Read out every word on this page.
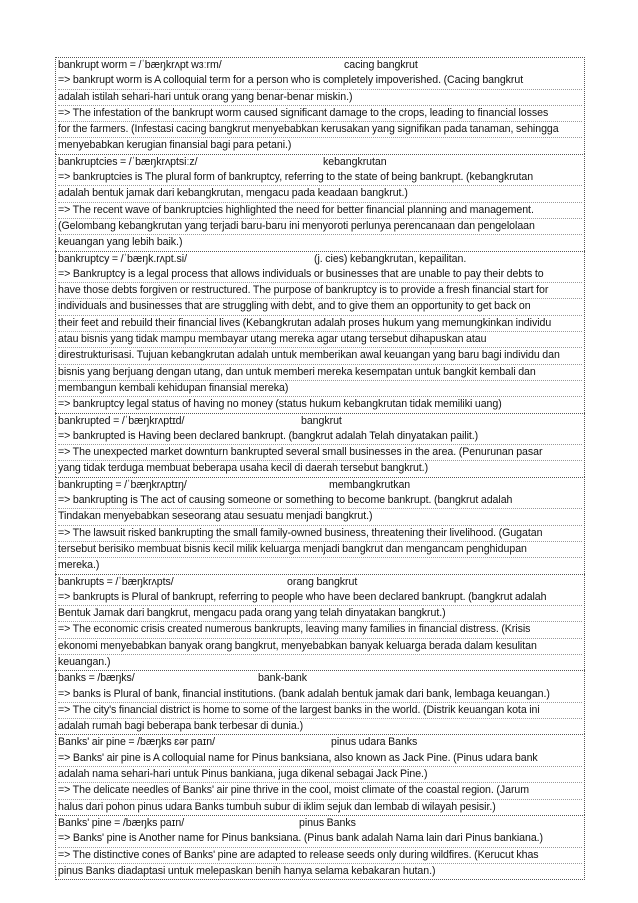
bankrupt worm = /ˈbæŋkrʌpt wɜːrm/	cacing bangkrut
=> bankrupt worm is A colloquial term for a person who is completely impoverished. (Cacing bangkrut
adalah istilah sehari-hari untuk orang yang benar-benar miskin.)
=> The infestation of the bankrupt worm caused significant damage to the crops, leading to financial losses
for the farmers. (Infestasi cacing bangkrut menyebabkan kerusakan yang signifikan pada tanaman, sehingga
menyebabkan kerugian finansial bagi para petani.)
bankruptcies = /ˈbæŋkrʌptsiːz/	kebangkrutan
=> bankruptcies is The plural form of bankruptcy, referring to the state of being bankrupt. (kebangkrutan
adalah bentuk jamak dari kebangkrutan, mengacu pada keadaan bangkrut.)
=> The recent wave of bankruptcies highlighted the need for better financial planning and management.
(Gelombang kebangkrutan yang terjadi baru-baru ini menyoroti perlunya perencanaan dan pengelolaan
keuangan yang lebih baik.)
bankruptcy = /ˈbæŋk.rʌpt.si/	(j. cies) kebangkrutan, kepailitan.
=> Bankruptcy is a legal process that allows individuals or businesses that are unable to pay their debts to
have those debts forgiven or restructured. The purpose of bankruptcy is to provide a fresh financial start for
individuals and businesses that are struggling with debt, and to give them an opportunity to get back on
their feet and rebuild their financial lives (Kebangkrutan adalah proses hukum yang memungkinkan individu
atau bisnis yang tidak mampu membayar utang mereka agar utang tersebut dihapuskan atau
direstrukturisasi. Tujuan kebangkrutan adalah untuk memberikan awal keuangan yang baru bagi individu dan
bisnis yang berjuang dengan utang, dan untuk memberi mereka kesempatan untuk bangkit kembali dan
membangun kembali kehidupan finansial mereka)
=> bankruptcy legal status of having no money (status hukum kebangkrutan tidak memiliki uang)
bankrupted = /ˈbæŋkrʌptɪd/	bangkrut
=> bankrupted is Having been declared bankrupt. (bangkrut adalah Telah dinyatakan pailit.)
=> The unexpected market downturn bankrupted several small businesses in the area. (Penurunan pasar
yang tidak terduga membuat beberapa usaha kecil di daerah tersebut bangkrut.)
bankrupting = /ˈbæŋkrʌptɪŋ/	membangkrutkan
=> bankrupting is The act of causing someone or something to become bankrupt. (bangkrut adalah
Tindakan menyebabkan seseorang atau sesuatu menjadi bangkrut.)
=> The lawsuit risked bankrupting the small family-owned business, threatening their livelihood. (Gugatan
tersebut berisiko membuat bisnis kecil milik keluarga menjadi bangkrut dan mengancam penghidupan
mereka.)
bankrupts = /ˈbæŋkrʌpts/	orang bangkrut
=> bankrupts is Plural of bankrupt, referring to people who have been declared bankrupt. (bangkrut adalah
Bentuk Jamak dari bangkrut, mengacu pada orang yang telah dinyatakan bangkrut.)
=> The economic crisis created numerous bankrupts, leaving many families in financial distress. (Krisis
ekonomi menyebabkan banyak orang bangkrut, menyebabkan banyak keluarga berada dalam kesulitan
keuangan.)
banks = /bæŋks/	bank-bank
=> banks is Plural of bank, financial institutions. (bank adalah bentuk jamak dari bank, lembaga keuangan.)
=> The city's financial district is home to some of the largest banks in the world. (Distrik keuangan kota ini
adalah rumah bagi beberapa bank terbesar di dunia.)
Banks' air pine = /bæŋks ɛər paɪn/	pinus udara Banks
=> Banks' air pine is A colloquial name for Pinus banksiana, also known as Jack Pine. (Pinus udara bank
adalah nama sehari-hari untuk Pinus bankiana, juga dikenal sebagai Jack Pine.)
=> The delicate needles of Banks' air pine thrive in the cool, moist climate of the coastal region. (Jarum
halus dari pohon pinus udara Banks tumbuh subur di iklim sejuk dan lembab di wilayah pesisir.)
Banks' pine = /bæŋks paɪn/	pinus Banks
=> Banks' pine is Another name for Pinus banksiana. (Pinus bank adalah Nama lain dari Pinus bankiana.)
=> The distinctive cones of Banks' pine are adapted to release seeds only during wildfires. (Kerucut khas
pinus Banks diadaptasi untuk melepaskan benih hanya selama kebakaran hutan.)
